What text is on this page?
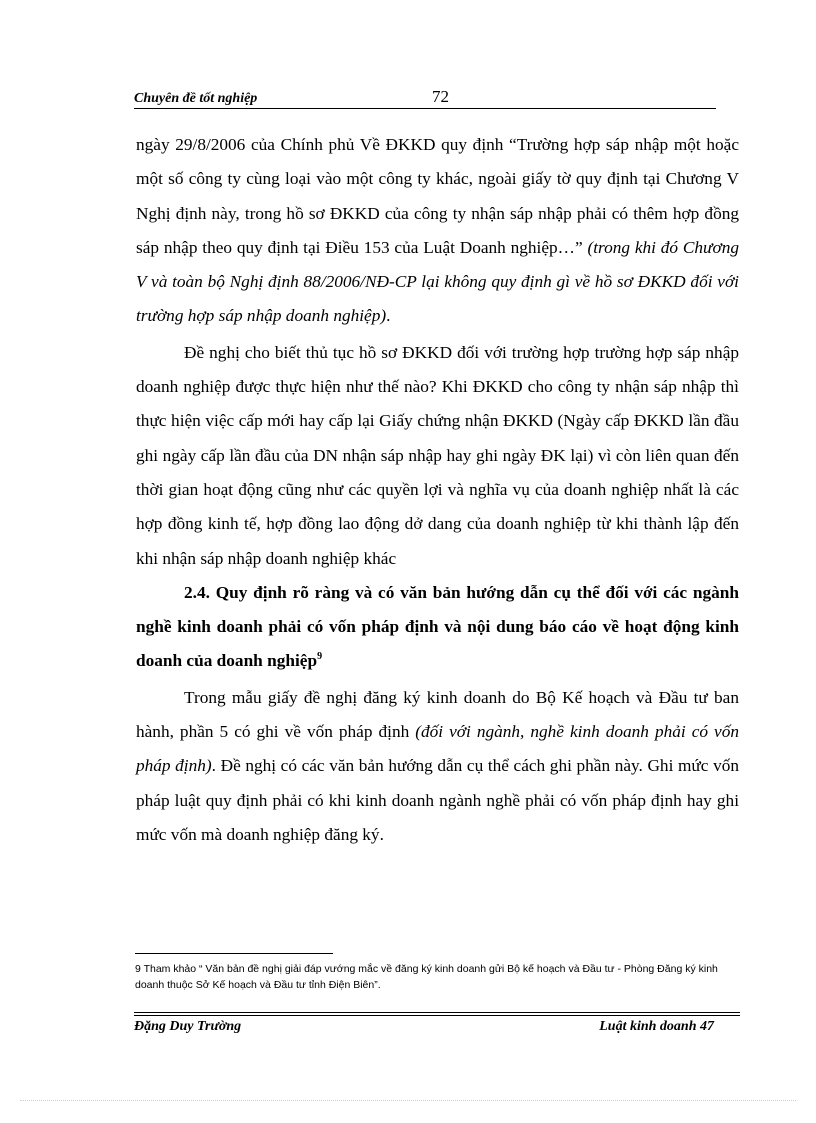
Chuyên đề tốt nghiệp	72

ngày 29/8/2006 của Chính phủ Về ĐKKD quy định “Trường hợp sáp nhập một hoặc một số công ty cùng loại vào một công ty khác, ngoài giấy tờ quy định tại Chương V Nghị định này, trong hồ sơ ĐKKD của công ty nhận sáp nhập phải có thêm hợp đồng sáp nhập theo quy định tại Điều 153 của Luật Doanh nghiệp…” (trong khi đó Chương V và toàn bộ Nghị định 88/2006/NĐ-CP lại không quy định gì về hồ sơ ĐKKD đối với trường hợp sáp nhập doanh nghiệp).

Đề nghị cho biết thủ tục hồ sơ ĐKKD đối với trường hợp trường hợp sáp nhập doanh nghiệp được thực hiện như thế nào? Khi ĐKKD cho công ty nhận sáp nhập thì thực hiện việc cấp mới hay cấp lại Giấy chứng nhận ĐKKD (Ngày cấp ĐKKD lần đầu ghi ngày cấp lần đầu của DN nhận sáp nhập hay ghi ngày ĐK lại) vì còn liên quan đến thời gian hoạt động cũng như các quyền lợi và nghĩa vụ của doanh nghiệp nhất là các hợp đồng kinh tế, hợp đồng lao động dở dang của doanh nghiệp từ khi thành lập đến khi nhận sáp nhập doanh nghiệp khác

2.4. Quy định rõ ràng và có văn bản hướng dẫn cụ thể đối với các ngành nghề kinh doanh phải có vốn pháp định và nội dung báo cáo về hoạt động kinh doanh của doanh nghiệp$^9$

Trong mẫu giấy đề nghị đăng ký kinh doanh do Bộ Kế hoạch và Đầu tư ban hành, phần 5 có ghi về vốn pháp định (đối với ngành, nghề kinh doanh phải có vốn pháp định). Đề nghị có các văn bản hướng dẫn cụ thể cách ghi phần này. Ghi mức vốn pháp luật quy định phải có khi kinh doanh ngành nghề phải có vốn pháp định hay ghi mức vốn mà doanh nghiệp đăng ký.

9 Tham khảo “ Văn bản đề nghị giải đáp vướng mắc về đăng ký kinh doanh gửi Bộ kế hoạch và Đầu tư - Phòng Đăng ký kinh doanh thuộc Sở Kế hoạch và Đầu tư tỉnh Điện Biên”.
Đặng Duy Trường	Luật kinh doanh 47
